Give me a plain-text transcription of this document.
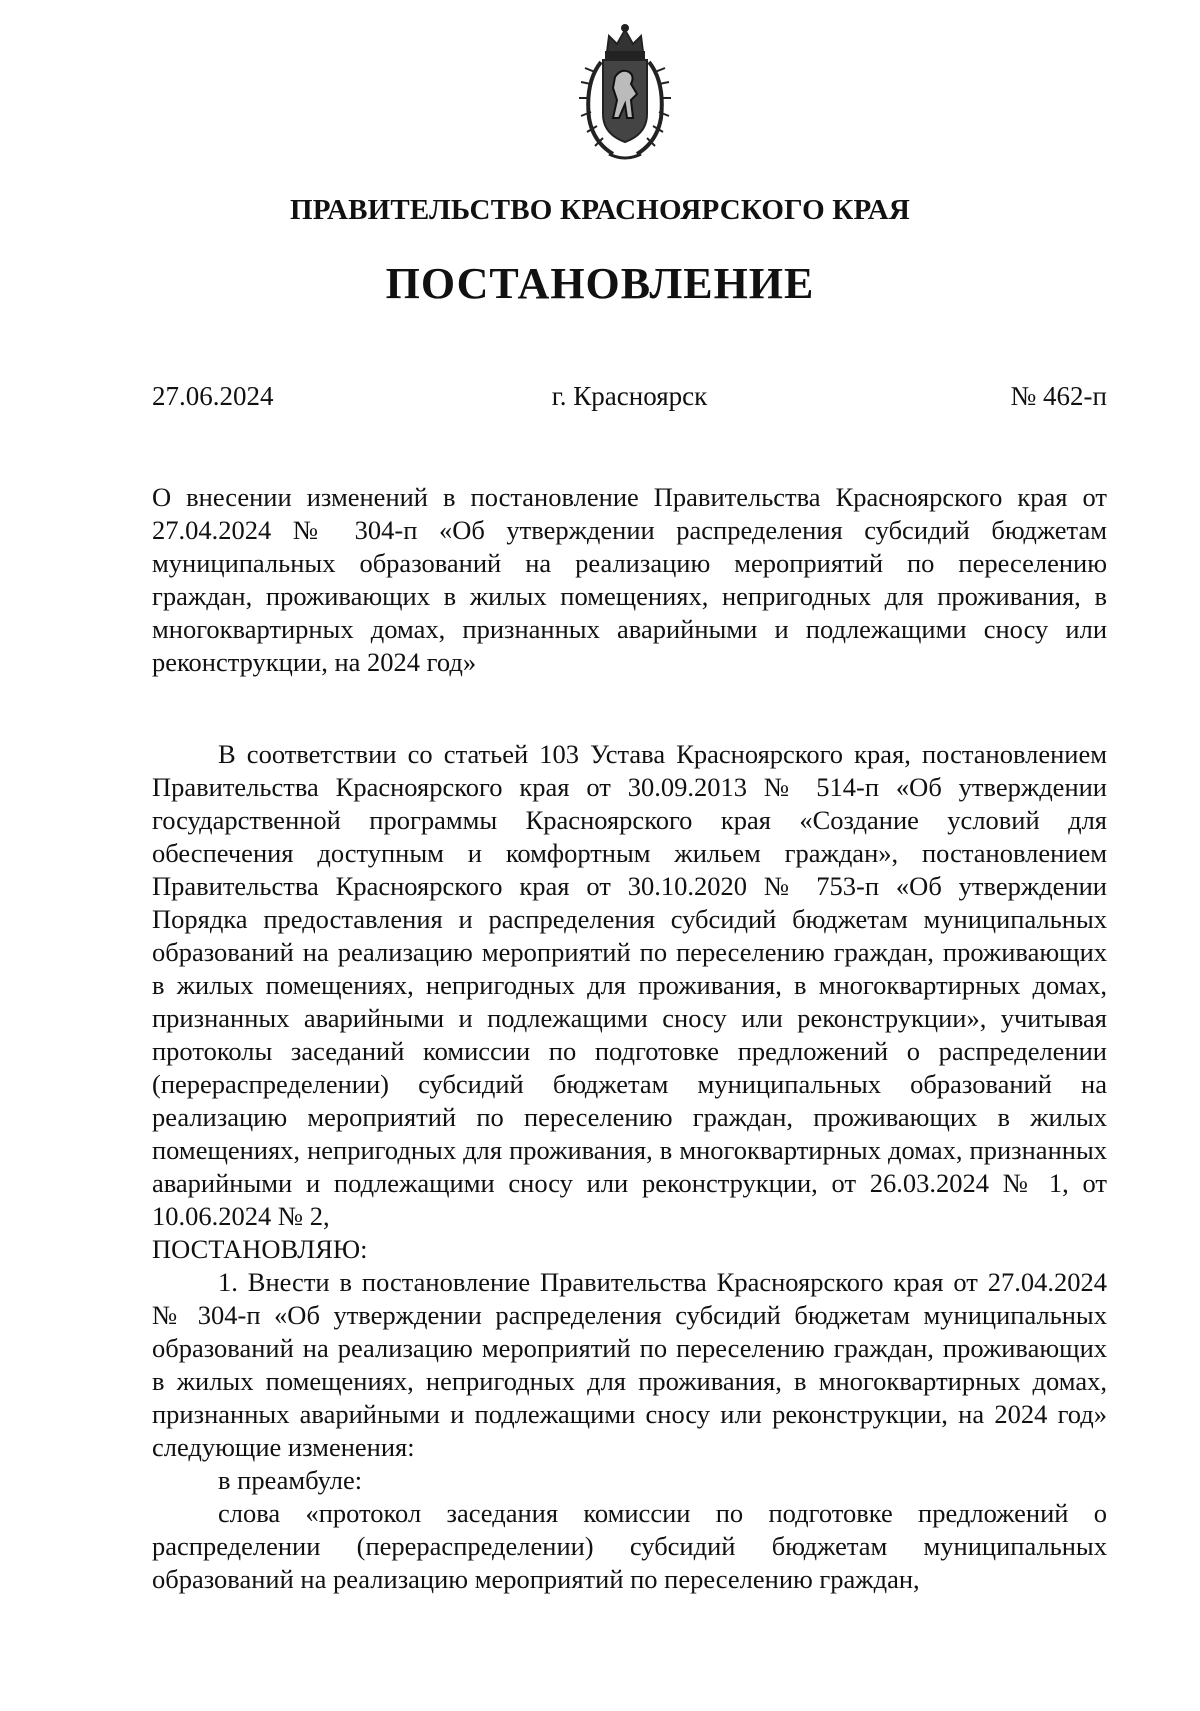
ПРАВИТЕЛЬСТВО КРАСНОЯРСКОГО КРАЯ
ПОСТАНОВЛЕНИЕ
27.06.2024	г. Красноярск	№ 462-п
О внесении изменений в постановление Правительства Красноярского края от 27.04.2024 № 304-п «Об утверждении распределения субсидий бюджетам муниципальных образований на реализацию мероприятий по переселению граждан, проживающих в жилых помещениях, непригодных для проживания, в многоквартирных домах, признанных аварийными и подлежащими сносу или реконструкции, на 2024 год»

В соответствии со статьей 103 Устава Красноярского края, постановлением Правительства Красноярского края от 30.09.2013 № 514-п «Об утверждении государственной программы Красноярского края «Создание условий для обеспечения доступным и комфортным жильем граждан», постановлением Правительства Красноярского края от 30.10.2020 № 753-п «Об утверждении Порядка предоставления и распределения субсидий бюджетам муниципальных образований на реализацию мероприятий по переселению граждан, проживающих в жилых помещениях, непригодных для проживания, в многоквартирных домах, признанных аварийными и подлежащими сносу или реконструкции», учитывая протоколы заседаний комиссии по подготовке предложений о распределении (перераспределении) субсидий бюджетам муниципальных образований на реализацию мероприятий по переселению граждан, проживающих в жилых помещениях, непригодных для проживания, в многоквартирных домах, признанных аварийными и подлежащими сносу или реконструкции, от 26.03.2024 № 1, от 10.06.2024 № 2,

ПОСТАНОВЛЯЮ:

1. Внести в постановление Правительства Красноярского края от 27.04.2024 № 304-п «Об утверждении распределения субсидий бюджетам муниципальных образований на реализацию мероприятий по переселению граждан, проживающих в жилых помещениях, непригодных для проживания, в многоквартирных домах, признанных аварийными и подлежащими сносу или реконструкции, на 2024 год» следующие изменения:

в преамбуле:

слова «протокол заседания комиссии по подготовке предложений о распределении (перераспределении) субсидий бюджетам муниципальных образований на реализацию мероприятий по переселению граждан,
